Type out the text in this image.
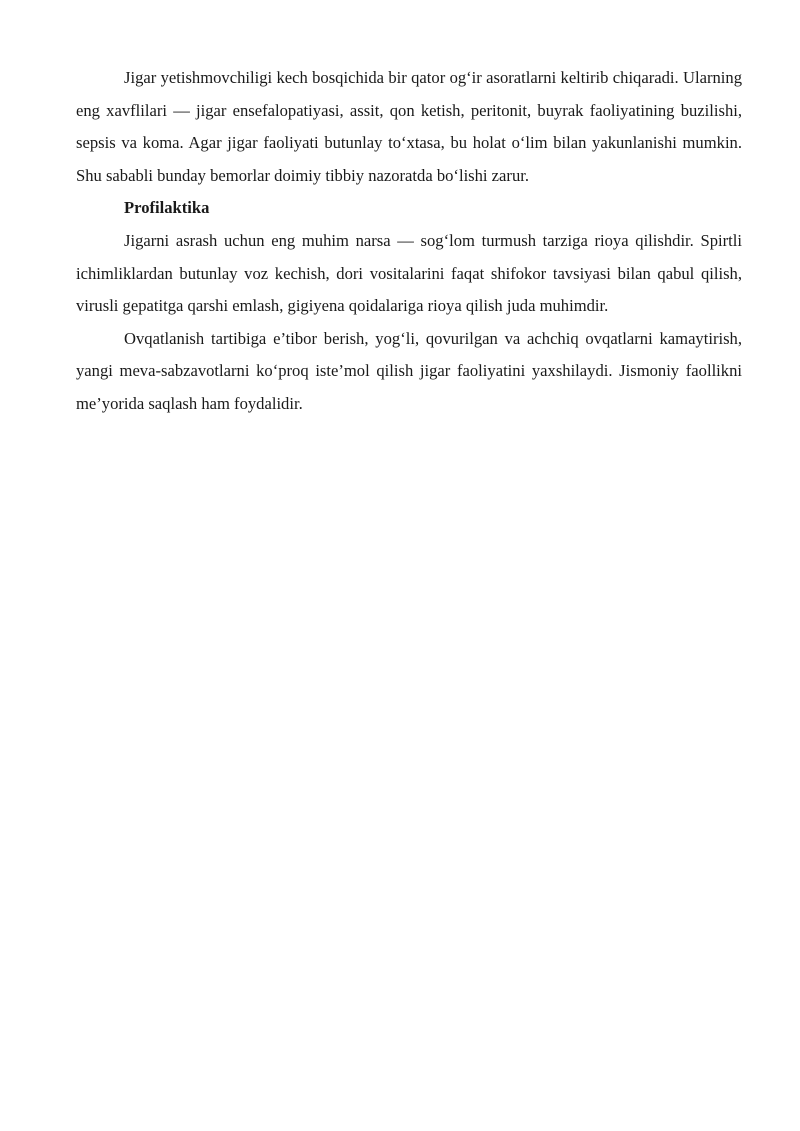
Jigar yetishmovchiligi kech bosqichida bir qator og‘ir asoratlarni keltirib chiqaradi. Ularning eng xavflilari — jigar ensefalopatiyasi, assit, qon ketish, peritonit, buyrak faoliyatining buzilishi, sepsis va koma. Agar jigar faoliyati butunlay to‘xtasa, bu holat o‘lim bilan yakunlanishi mumkin. Shu sababli bunday bemorlar doimiy tibbiy nazoratda bo‘lishi zarur.

Profilaktika

Jigarni asrash uchun eng muhim narsa — sog‘lom turmush tarziga rioya qilishdir. Spirtli ichimliklardan butunlay voz kechish, dori vositalarini faqat shifokor tavsiyasi bilan qabul qilish, virusli gepatitga qarshi emlash, gigiyena qoidalariga rioya qilish juda muhimdir.

Ovqatlanish tartibiga e’tibor berish, yog‘li, qovurilgan va achchiq ovqatlarni kamaytirish, yangi meva-sabzavotlarni ko‘proq iste’mol qilish jigar faoliyatini yaxshilaydi. Jismoniy faollikni me’yorida saqlash ham foydalidir.
